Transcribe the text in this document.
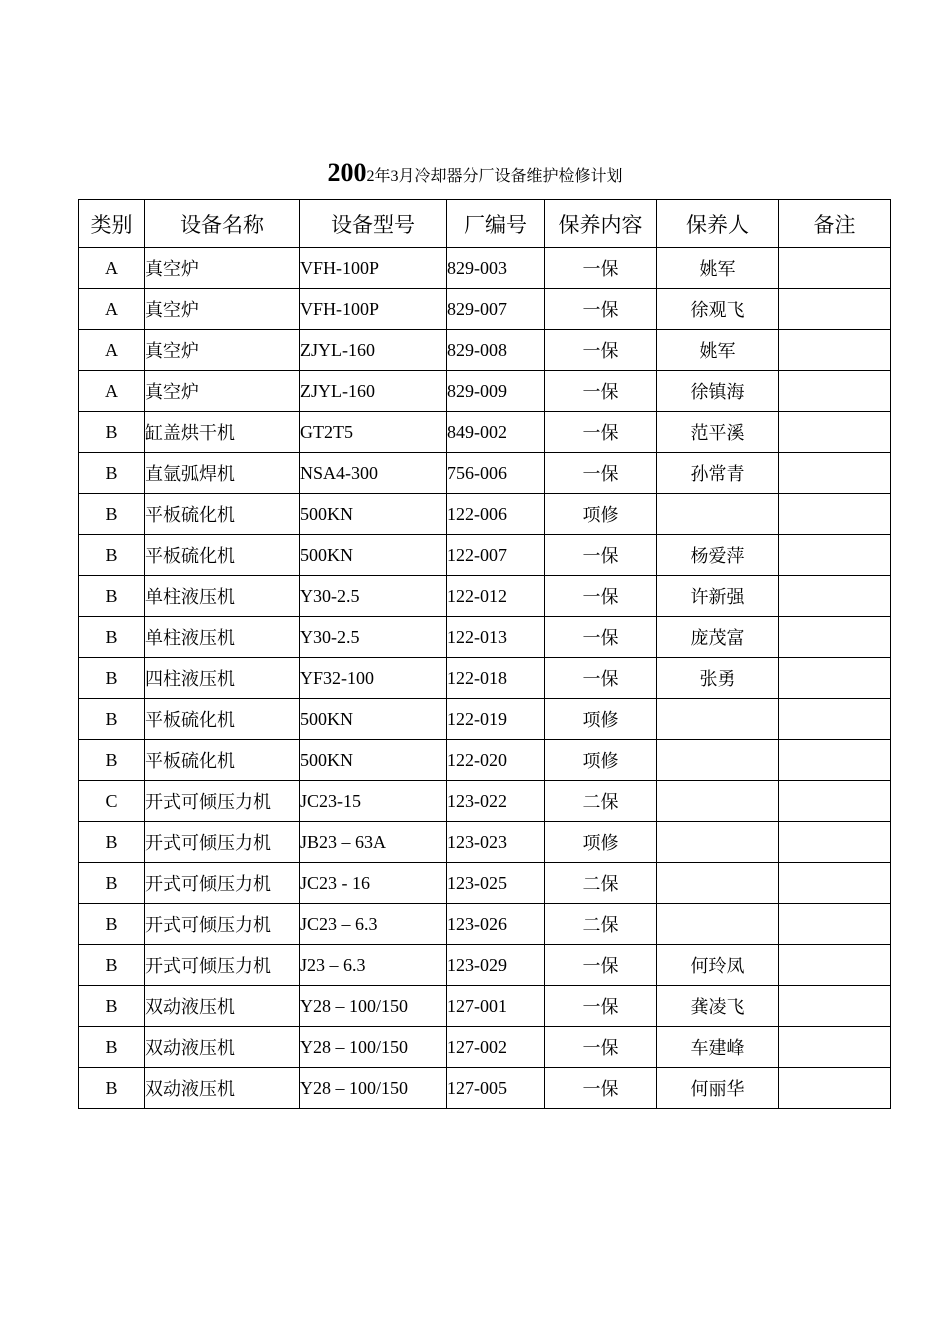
2002年3月冷却器分厂设备维护检修计划
类别	设备名称	设备型号	厂编号	保养内容	保养人	备注
A	真空炉	VFH-100P	829-003	一保	姚军	
A	真空炉	VFH-100P	829-007	一保	徐观飞	
A	真空炉	ZJYL-160	829-008	一保	姚军	
A	真空炉	ZJYL-160	829-009	一保	徐镇海	
B	缸盖烘干机	GT2T5	849-002	一保	范平溪	
B	直氩弧焊机	NSA4-300	756-006	一保	孙常青	
B	平板硫化机	500KN	122-006	项修		
B	平板硫化机	500KN	122-007	一保	杨爱萍	
B	单柱液压机	Y30-2.5	122-012	一保	许新强	
B	单柱液压机	Y30-2.5	122-013	一保	庞茂富	
B	四柱液压机	YF32-100	122-018	一保	张勇	
B	平板硫化机	500KN	122-019	项修		
B	平板硫化机	500KN	122-020	项修		
C	开式可倾压力机	JC23-15	123-022	二保		
B	开式可倾压力机	JB23 – 63A	123-023	项修		
B	开式可倾压力机	JC23 - 16	123-025	二保		
B	开式可倾压力机	JC23 – 6.3	123-026	二保		
B	开式可倾压力机	J23 – 6.3	123-029	一保	何玲凤	
B	双动液压机	Y28 – 100/150	127-001	一保	龚凌飞	
B	双动液压机	Y28 – 100/150	127-002	一保	车建峰	
B	双动液压机	Y28 – 100/150	127-005	一保	何丽华	
